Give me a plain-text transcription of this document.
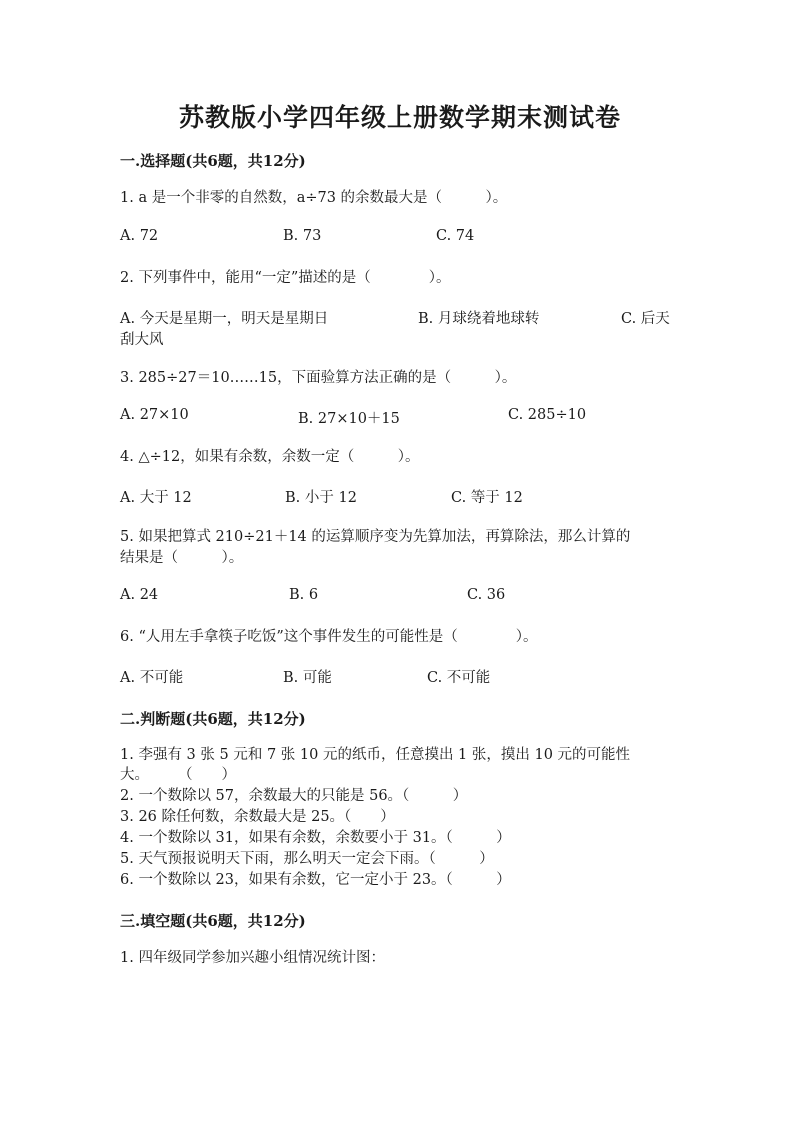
苏教版小学四年级上册数学期末测试卷
一.选择题(共6题，共12分)
1. a 是一个非零的自然数，a÷73 的余数最大是（　　　）。
A. 72	B. 73	C. 74
2. 下列事件中，能用“一定”描述的是（　　　　）。
A. 今天是星期一，明天是星期日	B. 月球绕着地球转	C. 后天
刮大风
3. 285÷27＝10……15，下面验算方法正确的是（　　　）。
A. 27×10	B. 27×10＋15	C. 285÷10
4. △÷12，如果有余数，余数一定（　　　）。
A. 大于 12	B. 小于 12	C. 等于 12
5. 如果把算式 210÷21＋14 的运算顺序变为先算加法，再算除法，那么计算的
结果是（　　　）。
A. 24	B. 6	C. 36
6. “人用左手拿筷子吃饭”这个事件发生的可能性是（　　　　）。
A. 不可能	B. 可能	C. 不可能
二.判断题(共6题，共12分)
1. 李强有 3 张 5 元和 7 张 10 元的纸币，任意摸出 1 张，摸出 10 元的可能性
大。　　　（　　）
2. 一个数除以 57，余数最大的只能是 56。（　　　）
3. 26 除任何数，余数最大是 25。（　　）
4. 一个数除以 31，如果有余数，余数要小于 31。（　　　）
5. 天气预报说明天下雨，那么明天一定会下雨。（　　　）
6. 一个数除以 23，如果有余数，它一定小于 23。（　　　）
三.填空题(共6题，共12分)
1. 四年级同学参加兴趣小组情况统计图：
